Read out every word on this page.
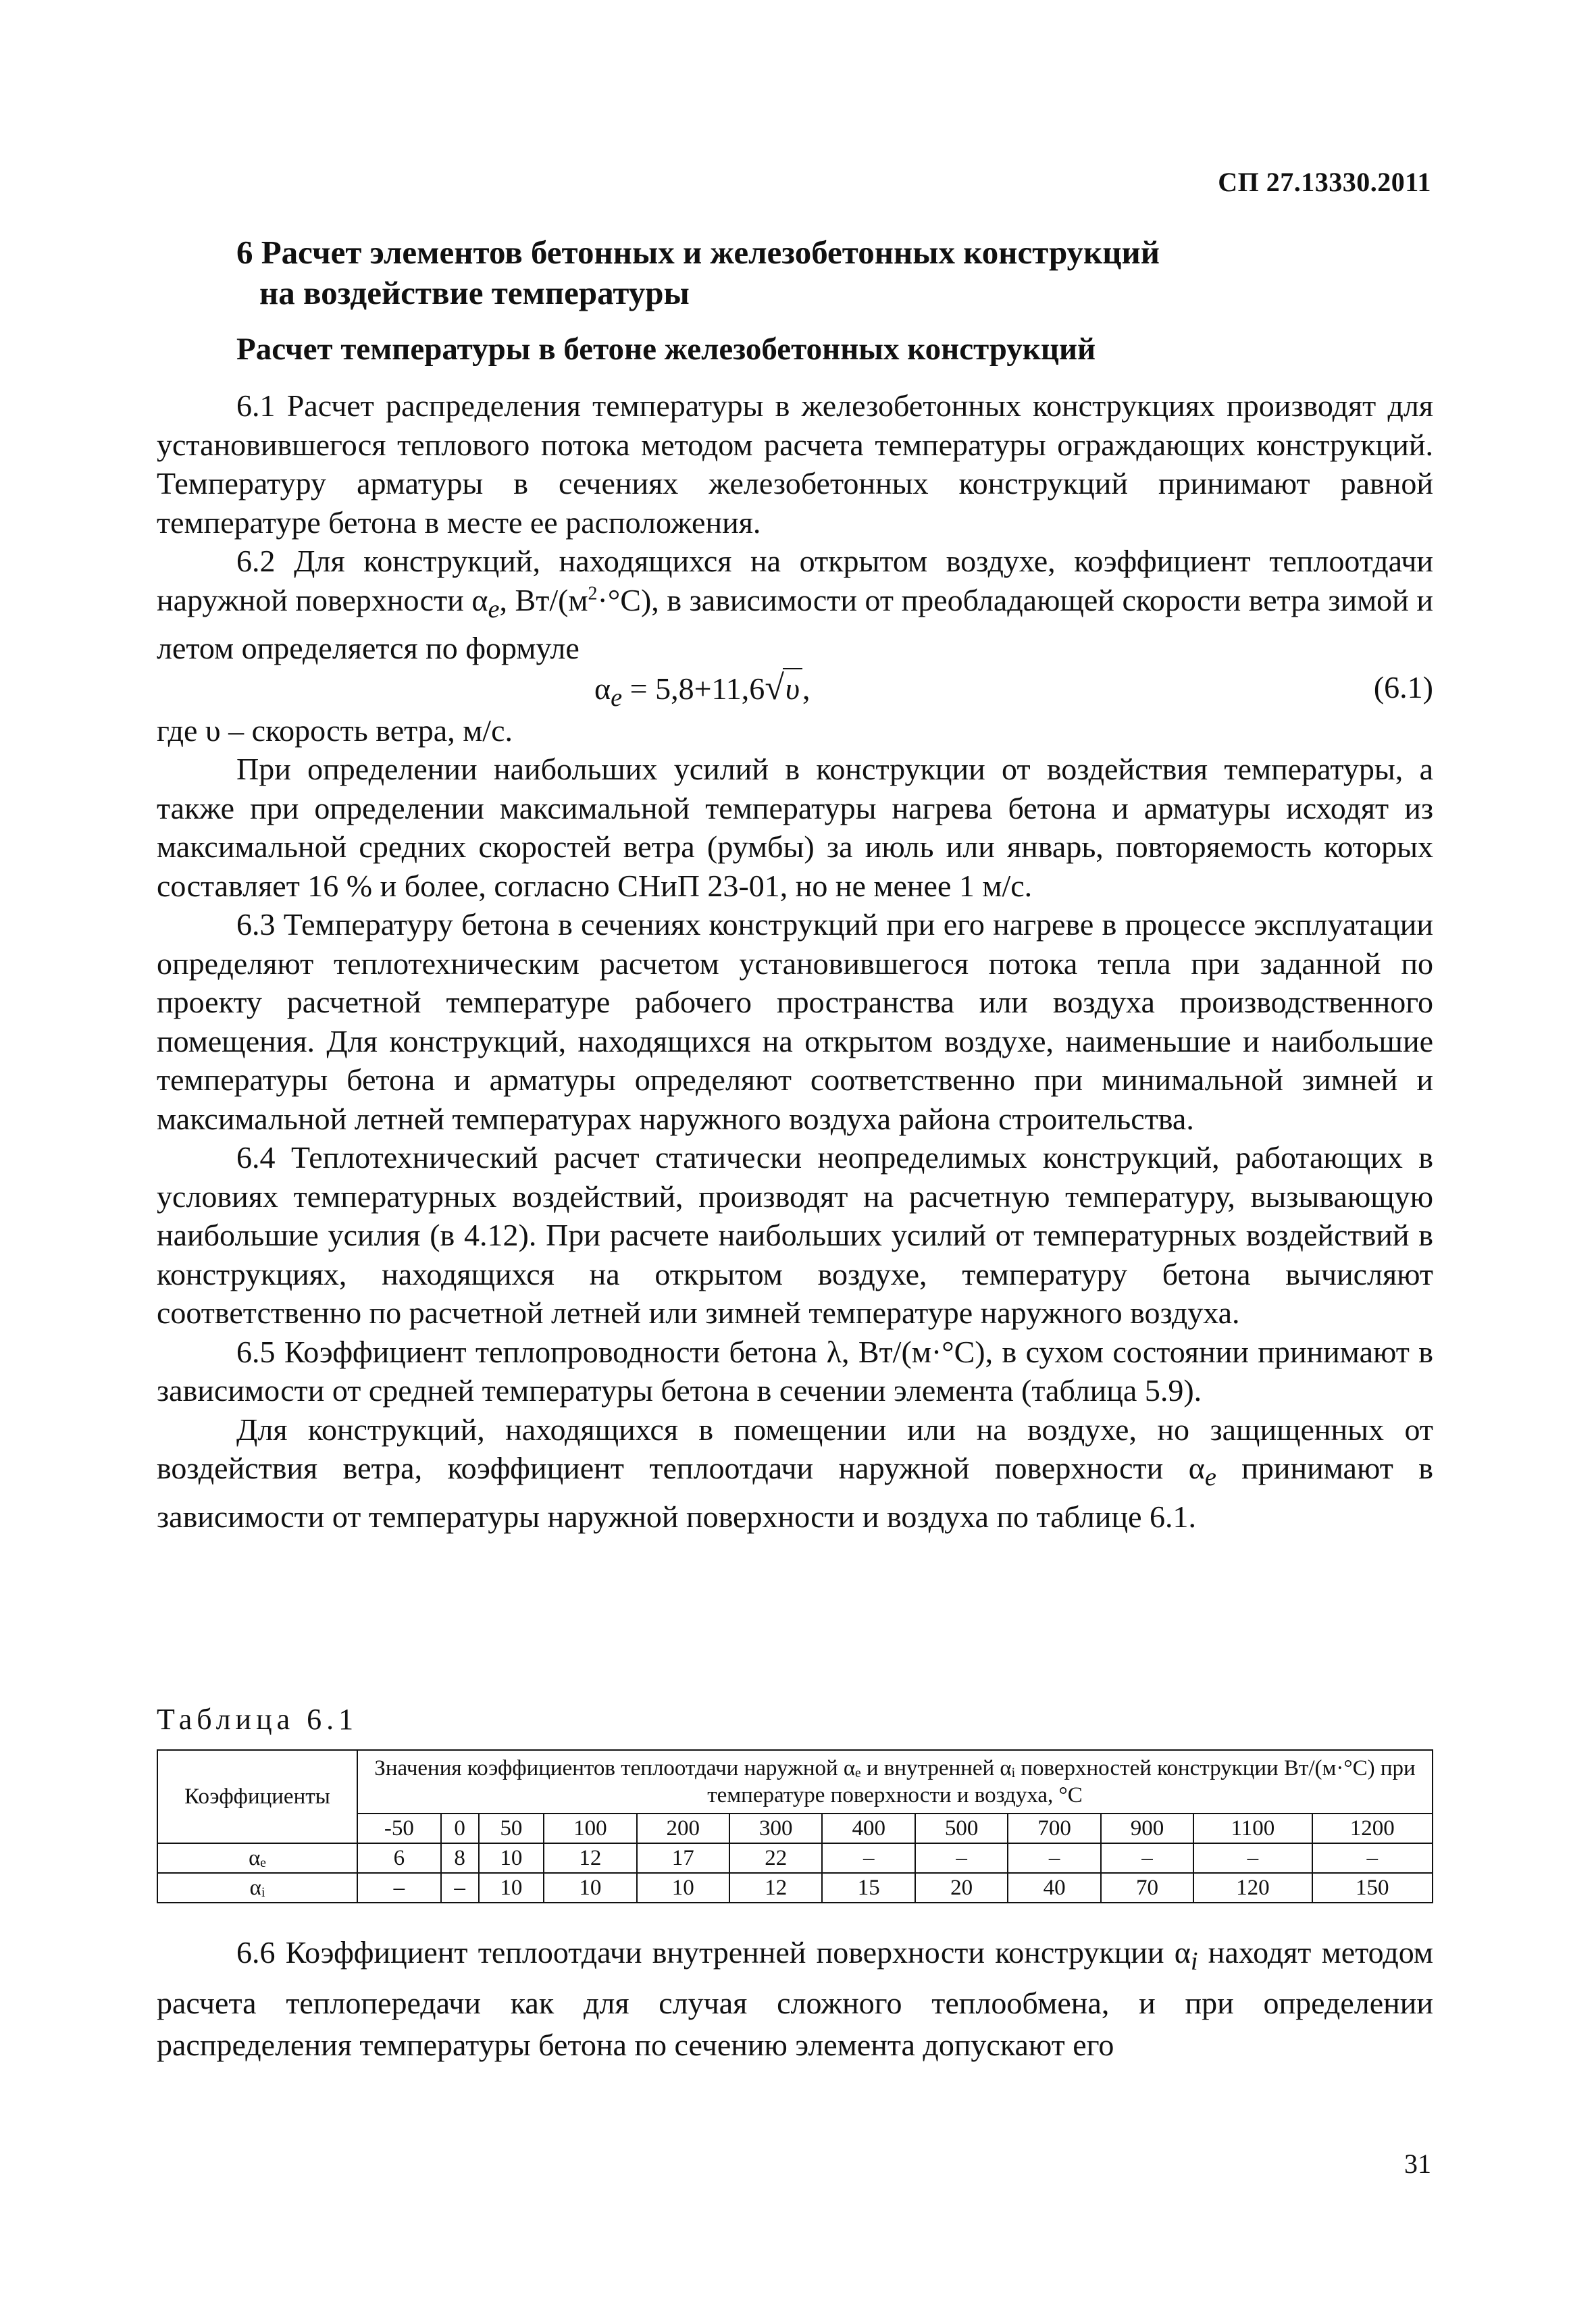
СП 27.13330.2011
6 Расчет элементов бетонных и железобетонных конструкций
на воздействие температуры
Расчет температуры в бетоне железобетонных конструкций

6.1 Расчет распределения температуры в железобетонных конструкциях производят для установившегося теплового потока методом расчета температуры ограждающих конструкций. Температуру арматуры в сечениях железобетонных конструкций принимают равной температуре бетона в месте ее расположения.

6.2 Для конструкций, находящихся на открытом воздухе, коэффициент теплоотдачи наружной поверхности $\alpha_e$, $Вт/(м^2\cdot^\circ С)$, в зависимости от преобладающей скорости ветра зимой и летом определяется по формуле

$\alpha_e = 5,8+11,6√\upsilon$,	(6.1)

где υ – скорость ветра, м/с.

При определении наибольших усилий в конструкции от воздействия температуры, а также при определении максимальной температуры нагрева бетона и арматуры исходят из максимальной средних скоростей ветра (румбы) за июль или январь, повторяемость которых составляет 16 % и более, согласно СНиП 23-01, но не менее 1 м/с.

6.3 Температуру бетона в сечениях конструкций при его нагреве в процессе эксплуатации определяют теплотехническим расчетом установившегося потока тепла при заданной по проекту расчетной температуре рабочего пространства или воздуха производственного помещения. Для конструкций, находящихся на открытом воздухе, наименьшие и наибольшие температуры бетона и арматуры определяют соответственно при минимальной зимней и максимальной летней температурах наружного воздуха района строительства.

6.4 Теплотехнический расчет статически неопределимых конструкций, работающих в условиях температурных воздействий, производят на расчетную температуру, вызывающую наибольшие усилия (в 4.12). При расчете наибольших усилий от температурных воздействий в конструкциях, находящихся на открытом воздухе, температуру бетона вычисляют соответственно по расчетной летней или зимней температуре наружного воздуха.

6.5 Коэффициент теплопроводности бетона λ, Вт/(м·°С), в сухом состоянии принимают в зависимости от средней температуры бетона в сечении элемента (таблица 5.9).

Для конструкций, находящихся в помещении или на воздухе, но защищенных от воздействия ветра, коэффициент теплоотдачи наружной поверхности $\alpha_e$ принимают в зависимости от температуры наружной поверхности и воздуха по таблице 6.1.

Таблица 6.1
Коэффициенты	Значения коэффициентов теплоотдачи наружной αₑ и внутренней αᵢ поверхностей конструкции Вт/(м·°С) при температуре поверхности и воздуха, °С											
	-50	0	50	100	200	300	400	500	700	900	1100	1200
αₑ	6	8	10	12	17	22	–	–	–	–	–	–
αᵢ	–	–	10	10	10	12	15	20	40	70	120	150

6.6 Коэффициент теплоотдачи внутренней поверхности конструкции $\alpha_i$ находят методом расчета теплопередачи как для случая сложного теплообмена, и при определении распределения температуры бетона по сечению элемента допускают его

31
